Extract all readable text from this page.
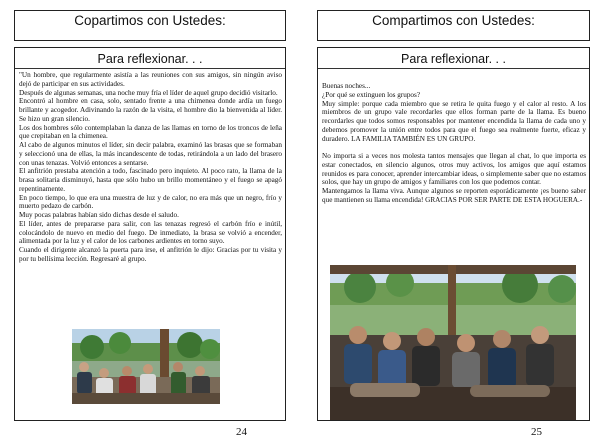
Copartimos con Ustedes:
Para reflexionar. . .

"Un hombre, que regularmente asistía a las reuniones con sus amigos, sin ningún aviso dejó de participar en sus actividades.

Después de algunas semanas, una noche muy fría el líder de aquel grupo decidió visitarlo.

Encontró al hombre en casa, solo, sentado frente a una chimenea donde ardía un fuego brillante y acogedor. Adivinando la razón de la visita, el hombre dio la bienvenida al líder. Se hizo un gran silencio.

Los dos hombres sólo contemplaban la danza de las llamas en torno de los troncos de leña que crepitaban en la chimenea.

Al cabo de algunos minutos el líder, sin decir palabra, examinó las brasas que se formaban y seleccionó una de ellas, la más incandescente de todas, retirándola a un lado del brasero con unas tenazas. Volvió entonces a sentarse.

El anfitrión prestaba atención a todo, fascinado pero inquieto. Al poco rato, la llama de la brasa solitaria disminuyó, hasta que sólo hubo un brillo momentáneo y el fuego se apagó repentinamente.

En poco tiempo, lo que era una muestra de luz y de calor, no era más que un negro, frío y muerto pedazo de carbón.

Muy pocas palabras habían sido dichas desde el saludo.

El líder, antes de prepararse para salir, con las tenazas regresó el carbón frío e inútil, colocándolo de nuevo en medio del fuego. De inmediato, la brasa se volvió a encender, alimentada por la luz y el calor de los carbones ardientes en torno suyo.

Cuando el dirigente alcanzó la puerta para irse, el anfitrión le dijo: Gracias por tu visita y por tu bellísima lección. Regresaré al grupo.

24
Compartimos con Ustedes:
Para reflexionar. . .

Buenas noches...

¿Por qué se extinguen los grupos?

Muy simple: porque cada miembro que se retira le quita fuego y el calor al resto. A los miembros de un grupo vale recordarles que ellos forman parte de la llama. Es bueno recordarles que todos somos responsables por mantener encendida la llama de cada uno y debemos promover la unión entre todos para que el fuego sea realmente fuerte, eficaz y duradero. LA FAMILIA TAMBIÉN ES UN GRUPO.

No importa si a veces nos molesta tantos mensajes que llegan al chat, lo que importa es estar conectados, en silencio algunos, otros muy activos, los amigos que aquí estamos reunidos es para conocer, aprender intercambiar ideas, o simplemente saber que no estamos solos, que hay un grupo de amigos y familiares con los que podemos contar.

Mantengamos la llama viva. Aunque algunos se reporten esporádicamente ¡es bueno saber que mantienen su llama encendida! GRACIAS POR SER PARTE DE ESTA HOGUERA.-

25
